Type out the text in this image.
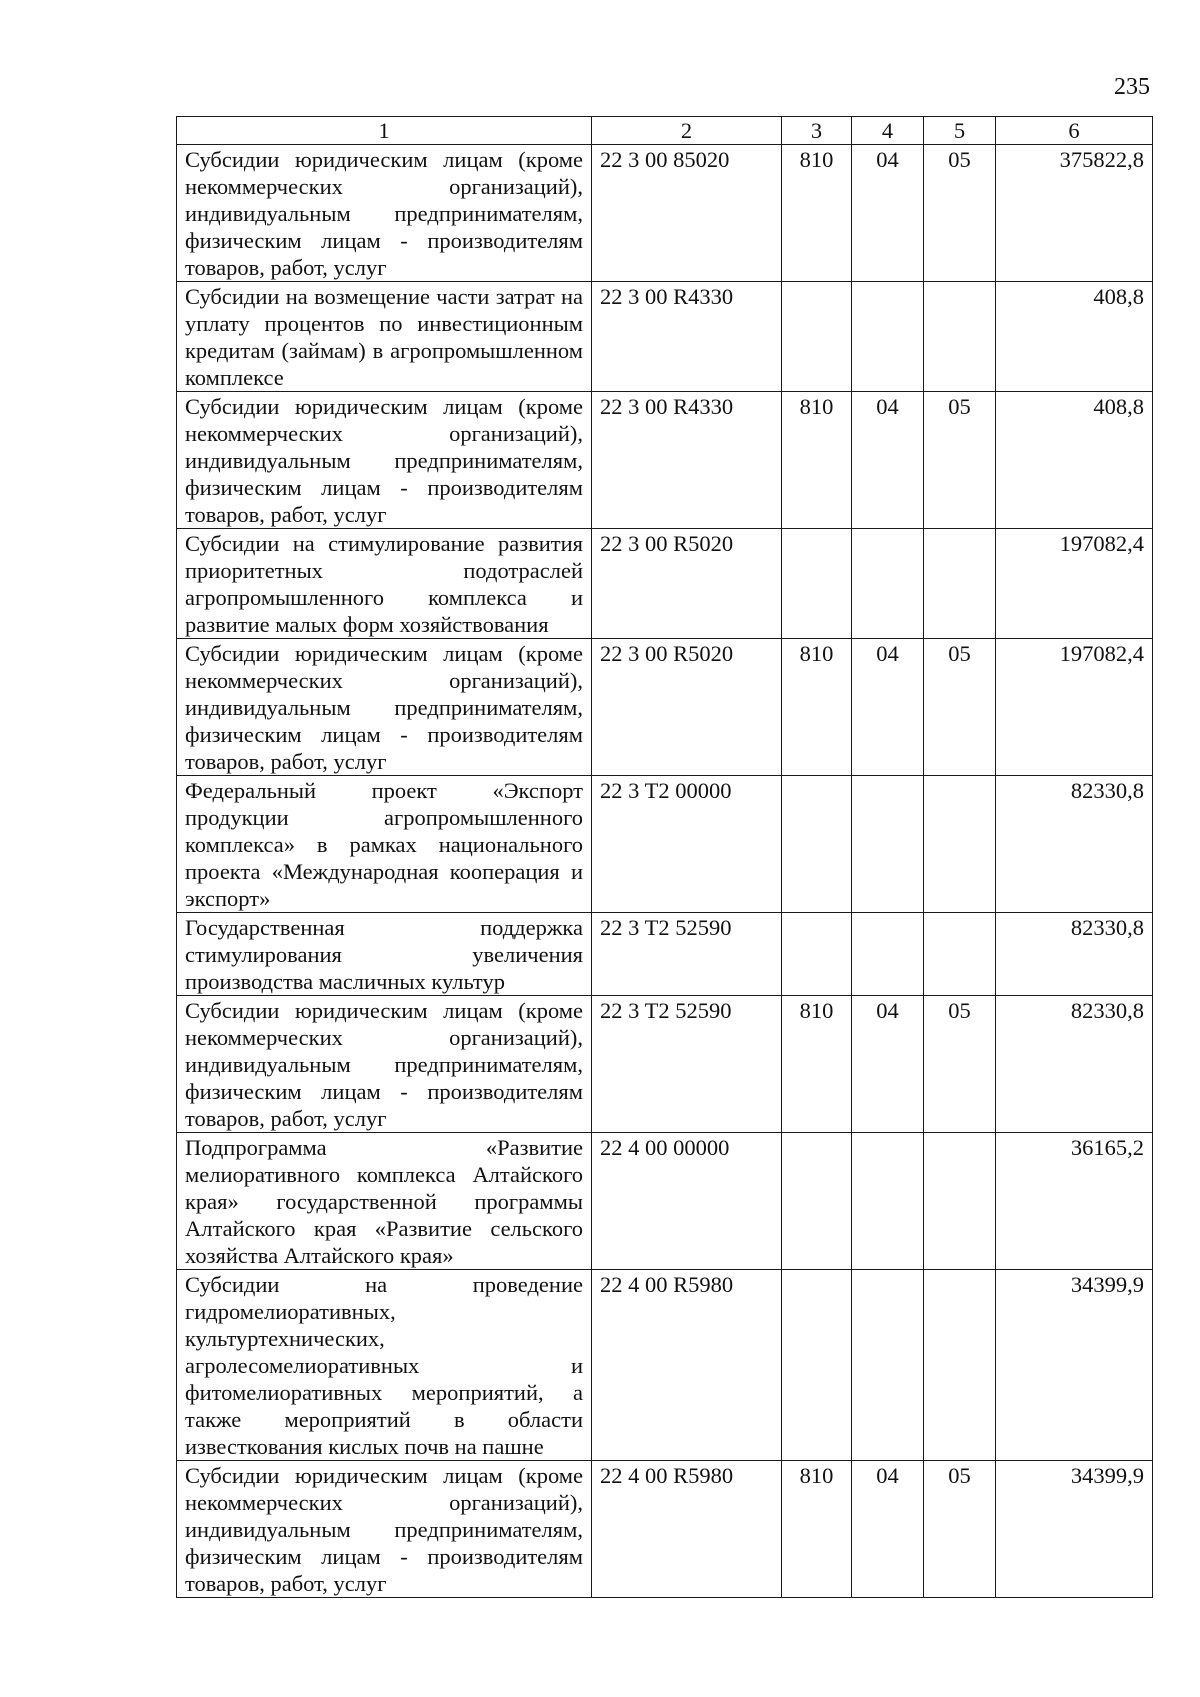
235
1	2	3	4	5	6
Субсидии юридическим лицам (кроме некоммерческих организаций), индивидуальным предпринимателям, физическим лицам - производителям товаров, работ, услуг	22 3 00 85020	810	04	05	375822,8
Субсидии на возмещение части затрат на уплату процентов по инвестиционным кредитам (займам) в агропромышленном комплексе	22 3 00 R4330				408,8
Субсидии юридическим лицам (кроме некоммерческих организаций), индивидуальным предпринимателям, физическим лицам - производителям товаров, работ, услуг	22 3 00 R4330	810	04	05	408,8
Субсидии на стимулирование развития приоритетных подотраслей агропромышленного комплекса и развитие малых форм хозяйствования	22 3 00 R5020				197082,4
Субсидии юридическим лицам (кроме некоммерческих организаций), индивидуальным предпринимателям, физическим лицам - производителям товаров, работ, услуг	22 3 00 R5020	810	04	05	197082,4
Федеральный проект «Экспорт продукции агропромышленного комплекса» в рамках национального проекта «Международная кооперация и экспорт»	22 3 T2 00000				82330,8
Государственная поддержка стимулирования увеличения производства масличных культур	22 3 T2 52590				82330,8
Субсидии юридическим лицам (кроме некоммерческих организаций), индивидуальным предпринимателям, физическим лицам - производителям товаров, работ, услуг	22 3 T2 52590	810	04	05	82330,8
Подпрограмма «Развитие мелиоративного комплекса Алтайского края» государственной программы Алтайского края «Развитие сельского хозяйства Алтайского края»	22 4 00 00000				36165,2
Субсидии на проведение гидромелиоративных, культуртехнических, агролесомелиоративных и фитомелиоративных мероприятий, а также мероприятий в области известкования кислых почв на пашне	22 4 00 R5980				34399,9
Субсидии юридическим лицам (кроме некоммерческих организаций), индивидуальным предпринимателям, физическим лицам - производителям товаров, работ, услуг	22 4 00 R5980	810	04	05	34399,9
